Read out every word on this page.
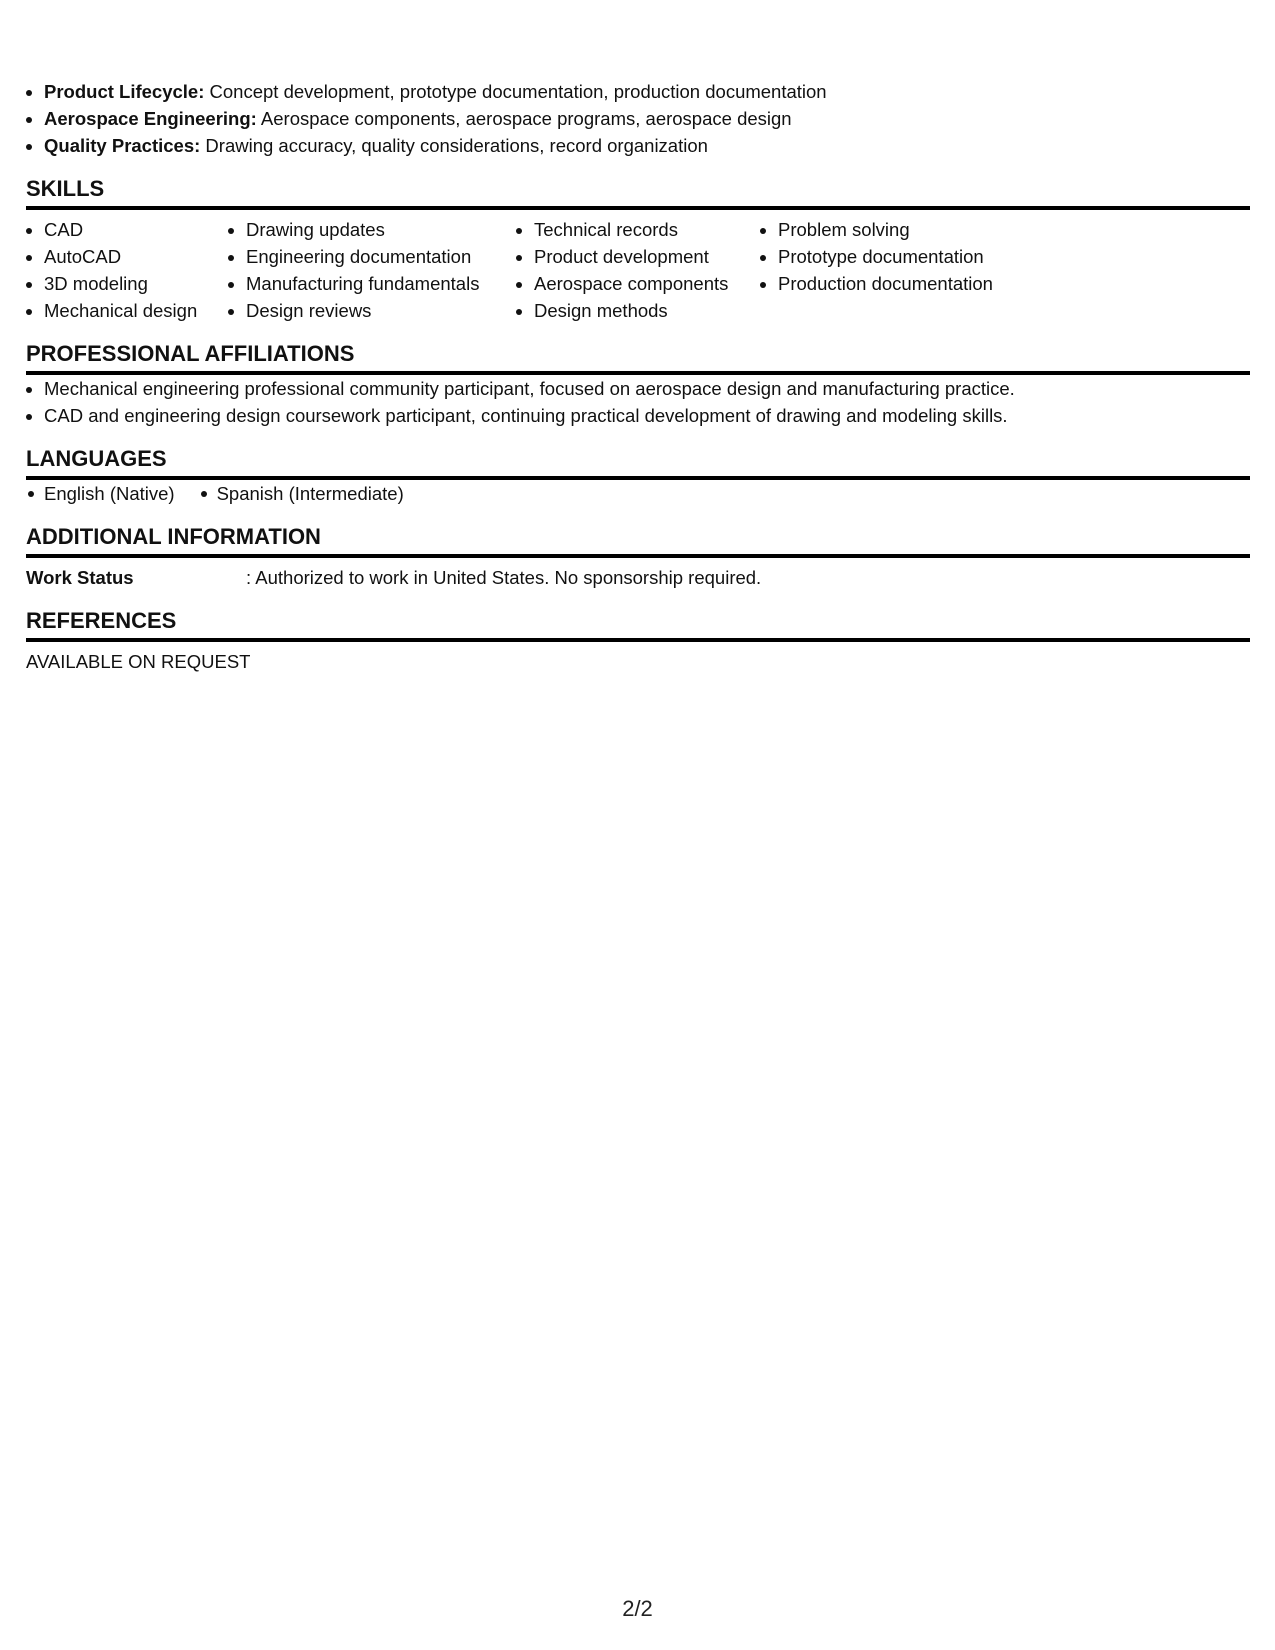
• Product Lifecycle: Concept development, prototype documentation, production documentation
• Aerospace Engineering: Aerospace components, aerospace programs, aerospace design
• Quality Practices: Drawing accuracy, quality considerations, record organization
SKILLS
• CAD
• AutoCAD
• 3D modeling
• Mechanical design
• Drawing updates
• Engineering documentation
• Manufacturing fundamentals
• Design reviews
• Technical records
• Product development
• Aerospace components
• Design methods
• Problem solving
• Prototype documentation
• Production documentation
PROFESSIONAL AFFILIATIONS
• Mechanical engineering professional community participant, focused on aerospace design and manufacturing practice.
• CAD and engineering design coursework participant, continuing practical development of drawing and modeling skills.
LANGUAGES
English (Native)	Spanish (Intermediate)
ADDITIONAL INFORMATION
Work Status	: Authorized to work in United States. No sponsorship required.
REFERENCES
AVAILABLE ON REQUEST
2/2
